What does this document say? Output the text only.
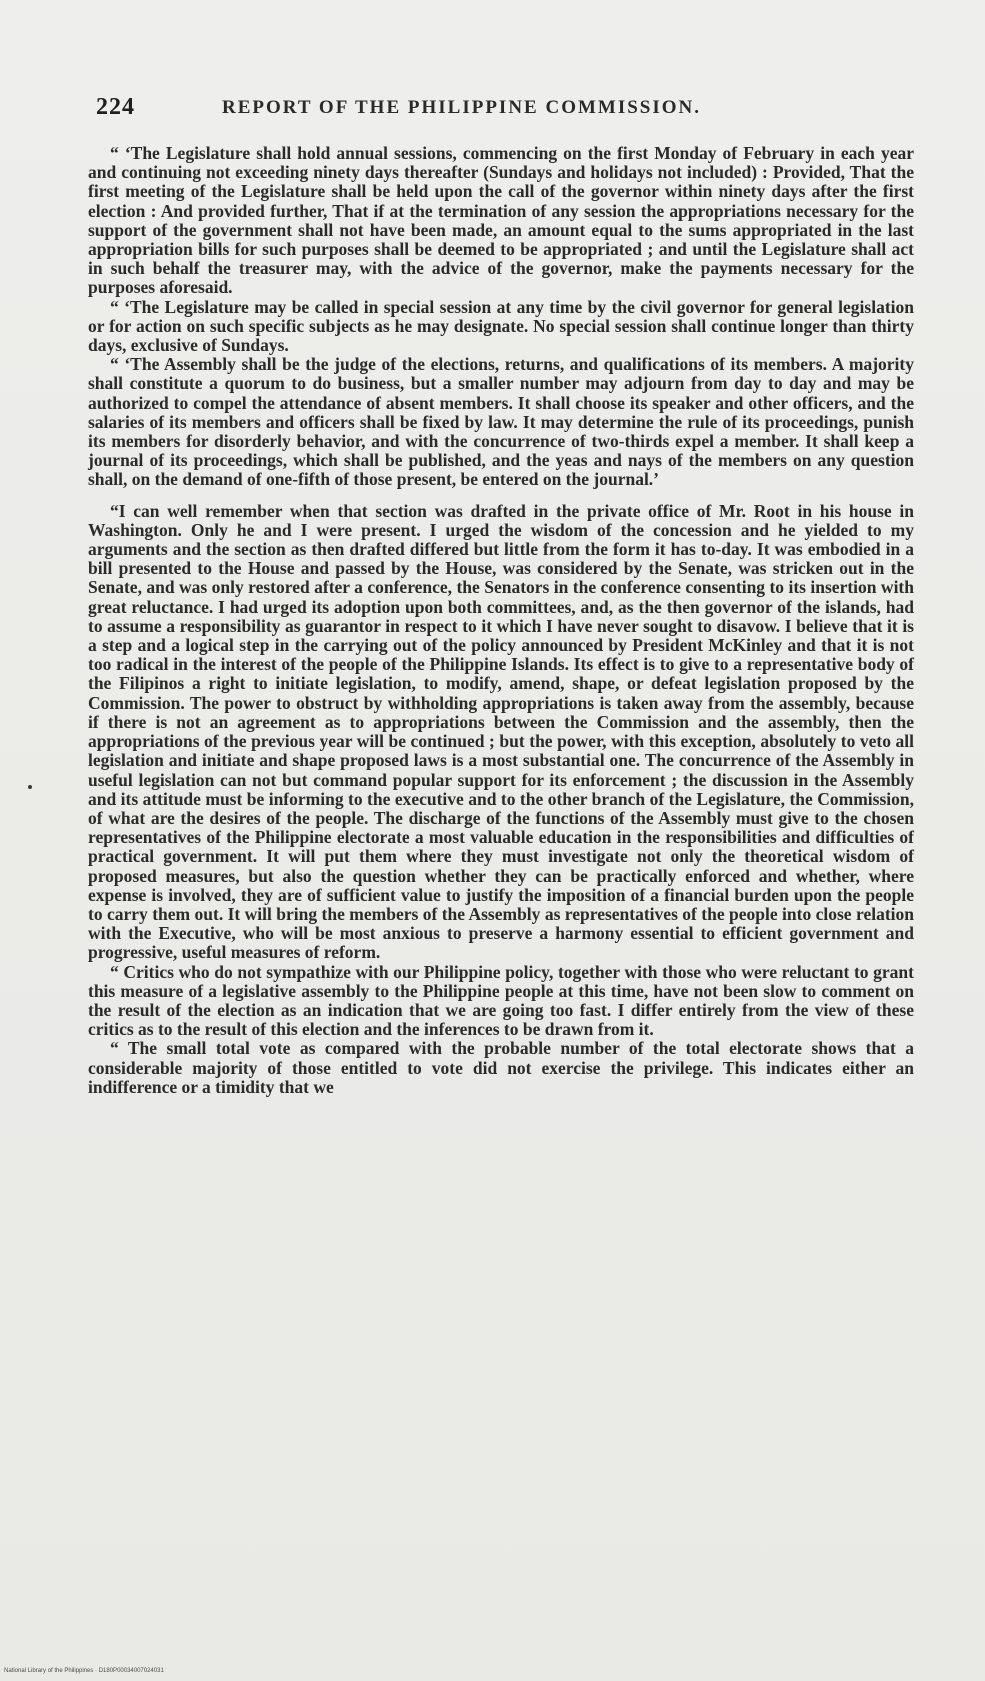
224	REPORT OF THE PHILIPPINE COMMISSION.

“ ‘The Legislature shall hold annual sessions, commencing on the first Monday of February in each year and continuing not exceeding ninety days thereafter (Sundays and holidays not included) : Provided, That the first meeting of the Legislature shall be held upon the call of the governor within ninety days after the first election : And provided further, That if at the termination of any session the appropriations necessary for the support of the government shall not have been made, an amount equal to the sums appropriated in the last appropriation bills for such purposes shall be deemed to be appropriated ; and until the Legislature shall act in such behalf the treasurer may, with the advice of the governor, make the payments necessary for the purposes aforesaid.

“ ‘The Legislature may be called in special session at any time by the civil governor for general legislation or for action on such specific subjects as he may designate. No special session shall continue longer than thirty days, exclusive of Sundays.

“ ‘The Assembly shall be the judge of the elections, returns, and qualifications of its members. A majority shall constitute a quorum to do business, but a smaller number may adjourn from day to day and may be authorized to compel the attendance of absent members. It shall choose its speaker and other officers, and the salaries of its members and officers shall be fixed by law. It may determine the rule of its proceedings, punish its members for disorderly behavior, and with the concurrence of two-thirds expel a member. It shall keep a journal of its proceedings, which shall be published, and the yeas and nays of the members on any question shall, on the demand of one-fifth of those present, be entered on the journal.’

“I can well remember when that section was drafted in the private office of Mr. Root in his house in Washington. Only he and I were present. I urged the wisdom of the concession and he yielded to my arguments and the section as then drafted differed but little from the form it has to-day. It was embodied in a bill presented to the House and passed by the House, was considered by the Senate, was stricken out in the Senate, and was only restored after a conference, the Senators in the conference consenting to its insertion with great reluctance. I had urged its adoption upon both committees, and, as the then governor of the islands, had to assume a responsibility as guarantor in respect to it which I have never sought to disavow. I believe that it is a step and a logical step in the carrying out of the policy announced by President McKinley and that it is not too radical in the interest of the people of the Philippine Islands. Its effect is to give to a representative body of the Filipinos a right to initiate legislation, to modify, amend, shape, or defeat legislation proposed by the Commission. The power to obstruct by withholding appropriations is taken away from the assembly, because if there is not an agreement as to appropriations between the Commission and the assembly, then the appropriations of the previous year will be continued ; but the power, with this exception, absolutely to veto all legislation and initiate and shape proposed laws is a most substantial one. The concurrence of the Assembly in useful legislation can not but command popular support for its enforcement ; the discussion in the Assembly and its attitude must be informing to the executive and to the other branch of the Legislature, the Commission, of what are the desires of the people. The discharge of the functions of the Assembly must give to the chosen representatives of the Philippine electorate a most valuable education in the responsibilities and difficulties of practical government. It will put them where they must investigate not only the theoretical wisdom of proposed measures, but also the question whether they can be practically enforced and whether, where expense is involved, they are of sufficient value to justify the imposition of a financial burden upon the people to carry them out. It will bring the members of the Assembly as representatives of the people into close relation with the Executive, who will be most anxious to preserve a harmony essential to efficient government and progressive, useful measures of reform.

“ Critics who do not sympathize with our Philippine policy, together with those who were reluctant to grant this measure of a legislative assembly to the Philippine people at this time, have not been slow to comment on the result of the election as an indication that we are going too fast. I differ entirely from the view of these critics as to the result of this election and the inferences to be drawn from it.

“ The small total vote as compared with the probable number of the total electorate shows that a considerable majority of those entitled to vote did not exercise the privilege. This indicates either an indifference or a timidity that we

National Library of the Philippines · D180P00034007024031
